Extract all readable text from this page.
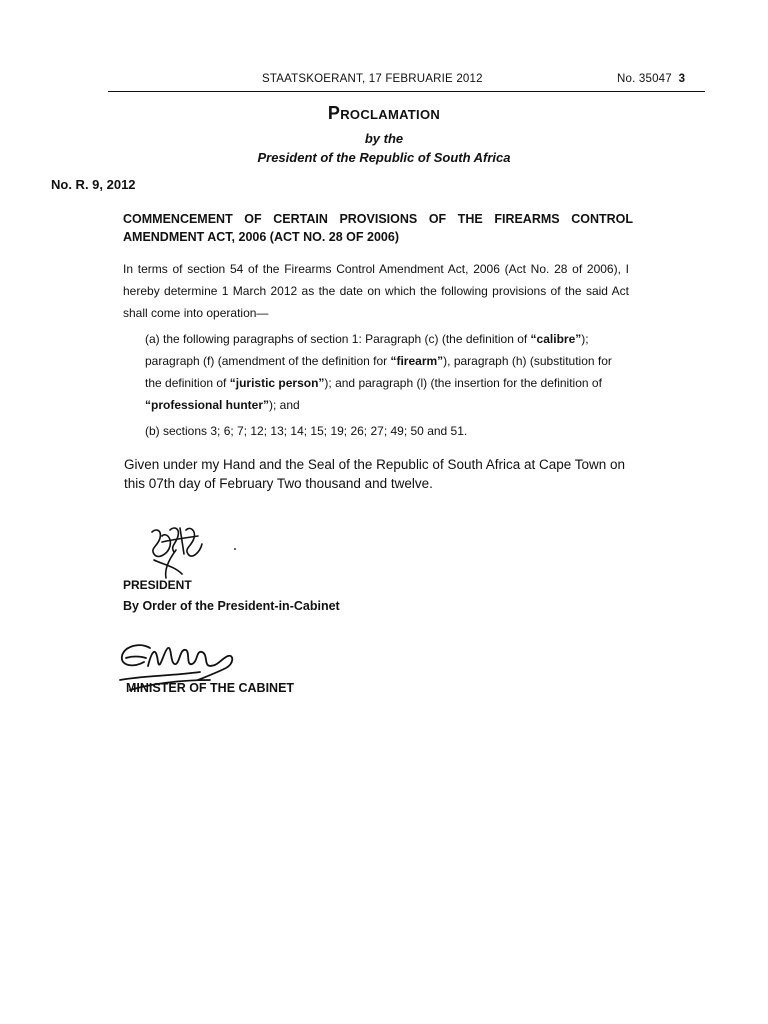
STAATSKOERANT, 17 FEBRUARIE 2012	No. 35047 3
Proclamation
by the
President of the Republic of South Africa
No. R. 9, 2012
COMMENCEMENT OF CERTAIN PROVISIONS OF THE FIREARMS CONTROL AMENDMENT ACT, 2006 (ACT NO. 28 OF 2006)
In terms of section 54 of the Firearms Control Amendment Act, 2006 (Act No. 28 of 2006), I hereby determine 1 March 2012 as the date on which the following provisions of the said Act shall come into operation—
(a) the following paragraphs of section 1: Paragraph (c) (the definition of “calibre”); paragraph (f) (amendment of the definition for “firearm”), paragraph (h) (substitution for the definition of “juristic person”); and paragraph (l) (the insertion for the definition of “professional hunter”); and
(b) sections 3; 6; 7; 12; 13; 14; 15; 19; 26; 27; 49; 50 and 51.
Given under my Hand and the Seal of the Republic of South Africa at Cape Town on this 07th day of February Two thousand and twelve.
PRESIDENT
By Order of the President-in-Cabinet
MINISTER OF THE CABINET
